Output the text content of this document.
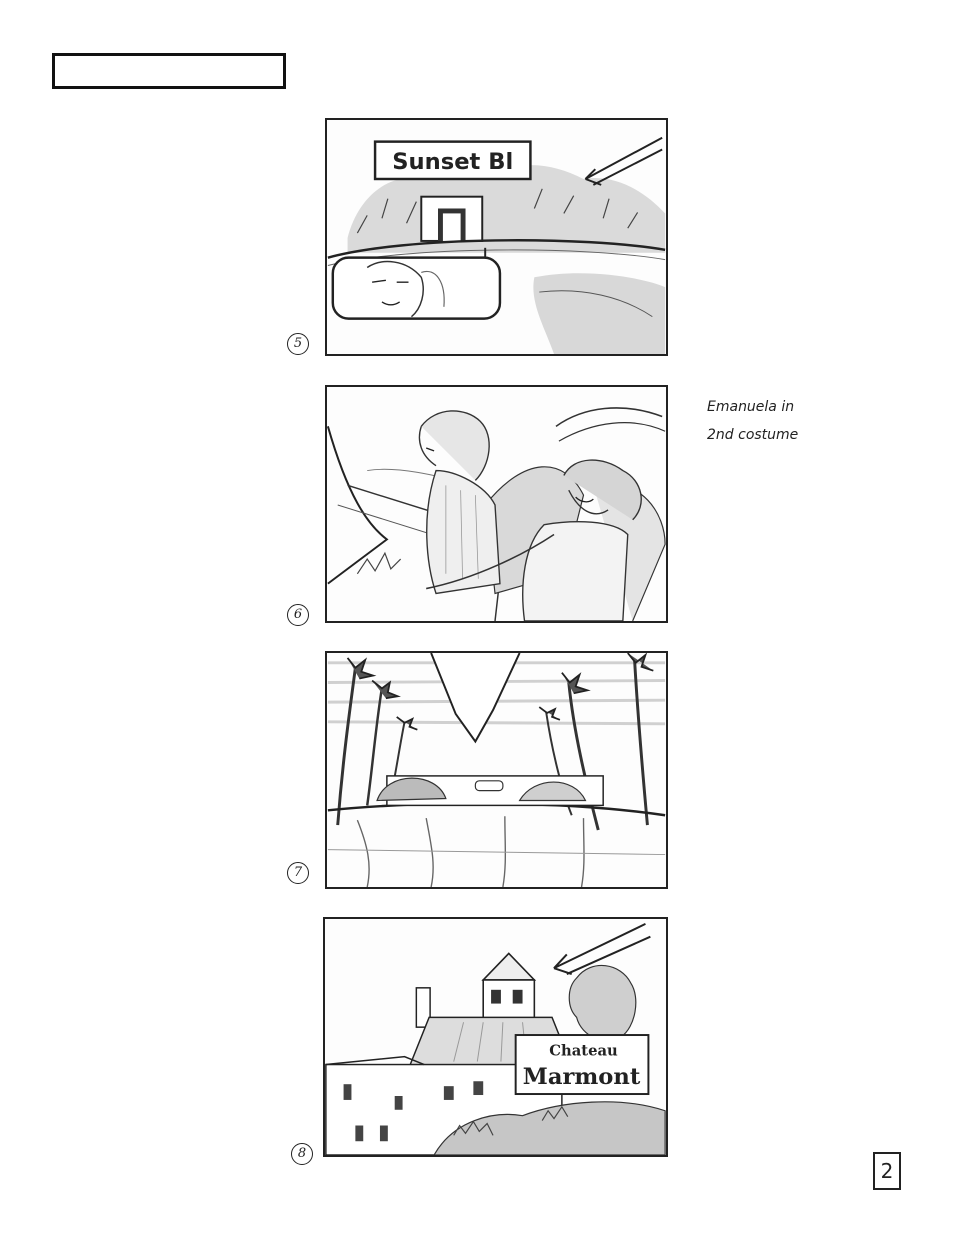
Sunset Bl
5
6
Emanuela in
2nd costume
7
Chateau
Marmont
8
2
